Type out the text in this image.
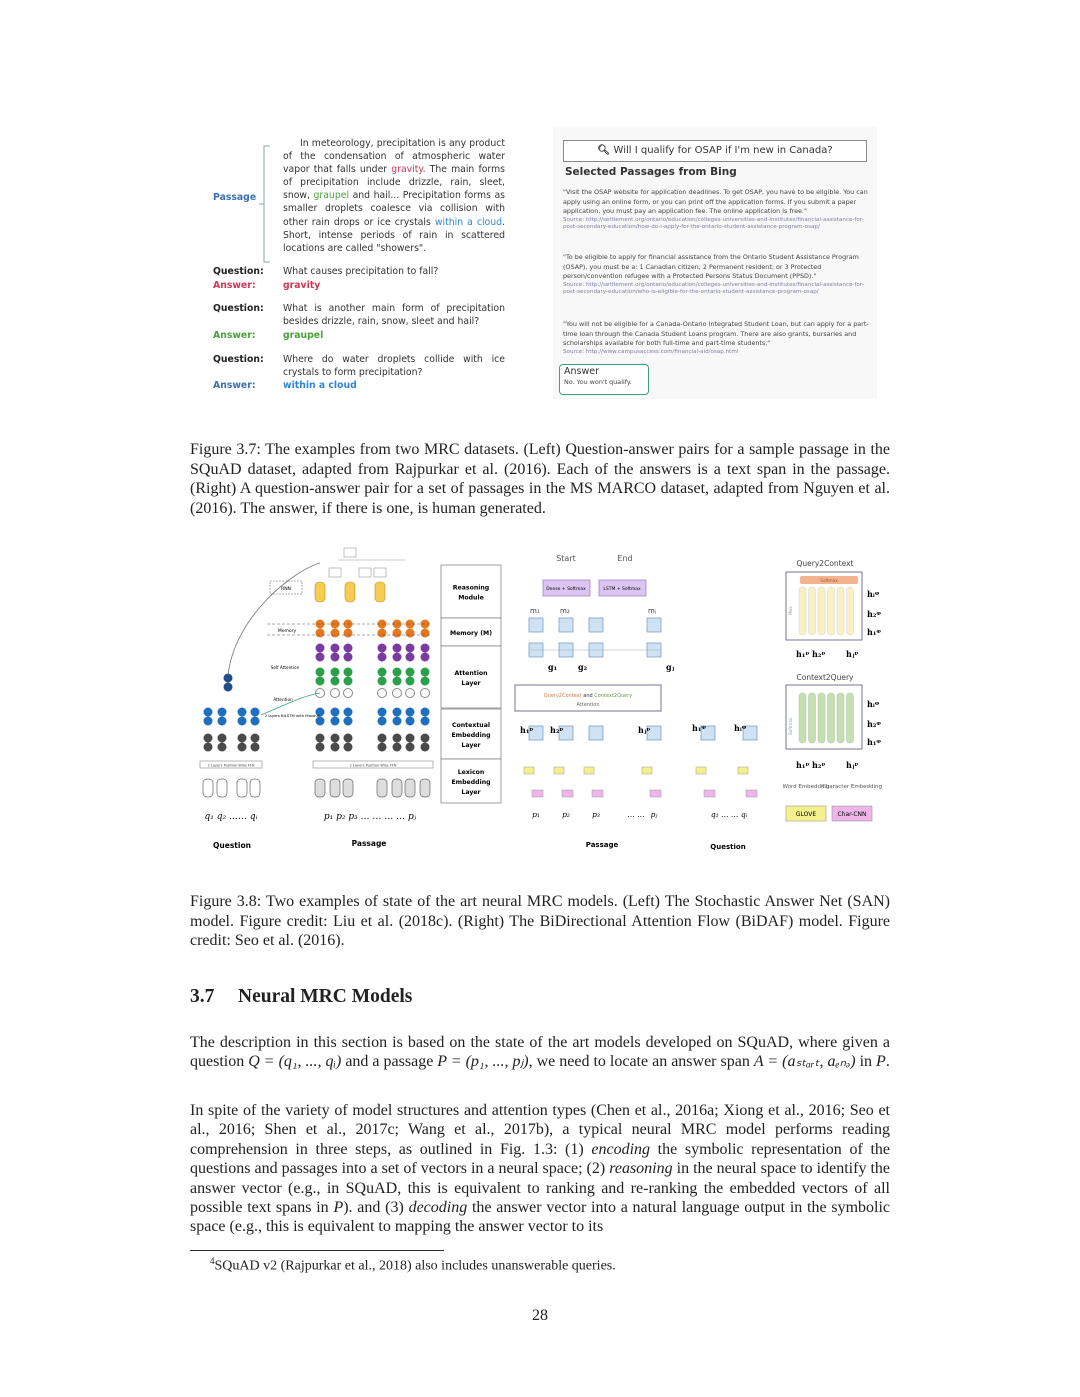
Passage
In meteorology, precipitation is any product of the condensation of atmospheric water vapor that falls under gravity. The main forms of precipitation include drizzle, rain, sleet, snow, graupel and hail... Precipitation forms as smaller droplets coalesce via collision with other rain drops or ice crystals within a cloud. Short, intense periods of rain in scattered locations are called "showers".
Question: What causes precipitation to fall?
Answer:	gravity
Question: What is another main form of precipitation besides drizzle, rain, snow, sleet and hail?
Answer:	graupel
Question: Where do water droplets collide with ice crystals to form precipitation?
Answer:	within a cloud
🔍︎ Will I qualify for OSAP if I'm new in Canada?
Selected Passages from Bing
"Visit the OSAP website for application deadlines. To get OSAP, you have to be eligible. You can apply using an online form, or you can print off the application forms. If you submit a paper application, you must pay an application fee. The online application is free."
Source: http://settlement.org/ontario/education/colleges-universities-and-institutes/financial-assistance-for-post-secondary-education/how-do-i-apply-for-the-ontario-student-assistance-program-osap/
"To be eligible to apply for financial assistance from the Ontario Student Assistance Program (OSAP), you must be a: 1 Canadian citizen; 2 Permanent resident; or 3 Protected person/convention refugee with a Protected Persons Status Document (PPSD)."
Source: http://settlement.org/ontario/education/colleges-universities-and-institutes/financial-assistance-for-post-secondary-education/who-is-eligible-for-the-ontario-student-assistance-program-osap/
"You will not be eligible for a Canada-Ontario Integrated Student Loan, but can apply for a part-time loan through the Canada Student Loans program. There are also grants, bursaries and scholarships available for both full-time and part-time students."
Source: http://www.campusaccess.com/financial-aid/osap.html
Answer
No. You won't qualify.
Figure 3.7: The examples from two MRC datasets. (Left) Question-answer pairs for a sample passage in the SQuAD dataset, adapted from Rajpurkar et al. (2016). Each of the answers is a text span in the passage. (Right) A question-answer pair for a set of passages in the MS MARCO dataset, adapted from Nguyen et al. (2016). The answer, if there is one, is human generated.
2 Layers Position-Wise FFN	2 Layers Position-Wise FFN
RNN
Memory
Self Attention
Attention
2 layers BiLSTM with Maxout
q₁ q₂ …… qᵢ	p₁ p₂ p₃ … … … … pⱼ
Question	Passage
Reasoning
Module
Memory (M)
Attention
Layer
Contextual
Embedding
Layer
Lexicon
Embedding
Layer
Start	End
Dense + Softmax	LSTM + Softmax
m₁	m₂	mⱼ
g₁	g₂	gⱼ
Query2Context and Context2Query
Attention
h₁ᵖ h₂ᵖ	hⱼᵖ	h₁ᵠ	hᵢᵠ
p₁	p₂	p₃	… … pⱼ	q₁ … … qᵢ
Passage	Question
Query2Context
Softmax
Max
Context2Query
Softmax
hᵢᵠ
h₂ᵠ
h₁ᵠ
hᵢᵠ
h₂ᵠ
h₁ᵠ
h₁ᵖ h₂ᵖ	hⱼᵖ
h₁ᵖ h₂ᵖ	hⱼᵖ
Word Embedding
Character Embedding
GLOVE	Char-CNN
Figure 3.8: Two examples of state of the art neural MRC models. (Left) The Stochastic Answer Net (SAN) model. Figure credit: Liu et al. (2018c). (Right) The BiDirectional Attention Flow (BiDAF) model. Figure credit: Seo et al. (2016).
3.7 Neural MRC Models
The description in this section is based on the state of the art models developed on SQuAD, where given a question Q = (q₁, ..., qᵢ) and a passage P = (p₁, ..., pⱼ), we need to locate an answer span A = (aₛₜₐᵣₜ, aₑₙₔ) in P.
In spite of the variety of model structures and attention types (Chen et al., 2016a; Xiong et al., 2016; Seo et al., 2016; Shen et al., 2017c; Wang et al., 2017b), a typical neural MRC model performs reading comprehension in three steps, as outlined in Fig. 1.3: (1) encoding the symbolic representation of the questions and passages into a set of vectors in a neural space; (2) reasoning in the neural space to identify the answer vector (e.g., in SQuAD, this is equivalent to ranking and re-ranking the embedded vectors of all possible text spans in P). and (3) decoding the answer vector into a natural language output in the symbolic space (e.g., this is equivalent to mapping the answer vector to its
$^4$SQuAD v2 (Rajpurkar et al., 2018) also includes unanswerable queries.
28
